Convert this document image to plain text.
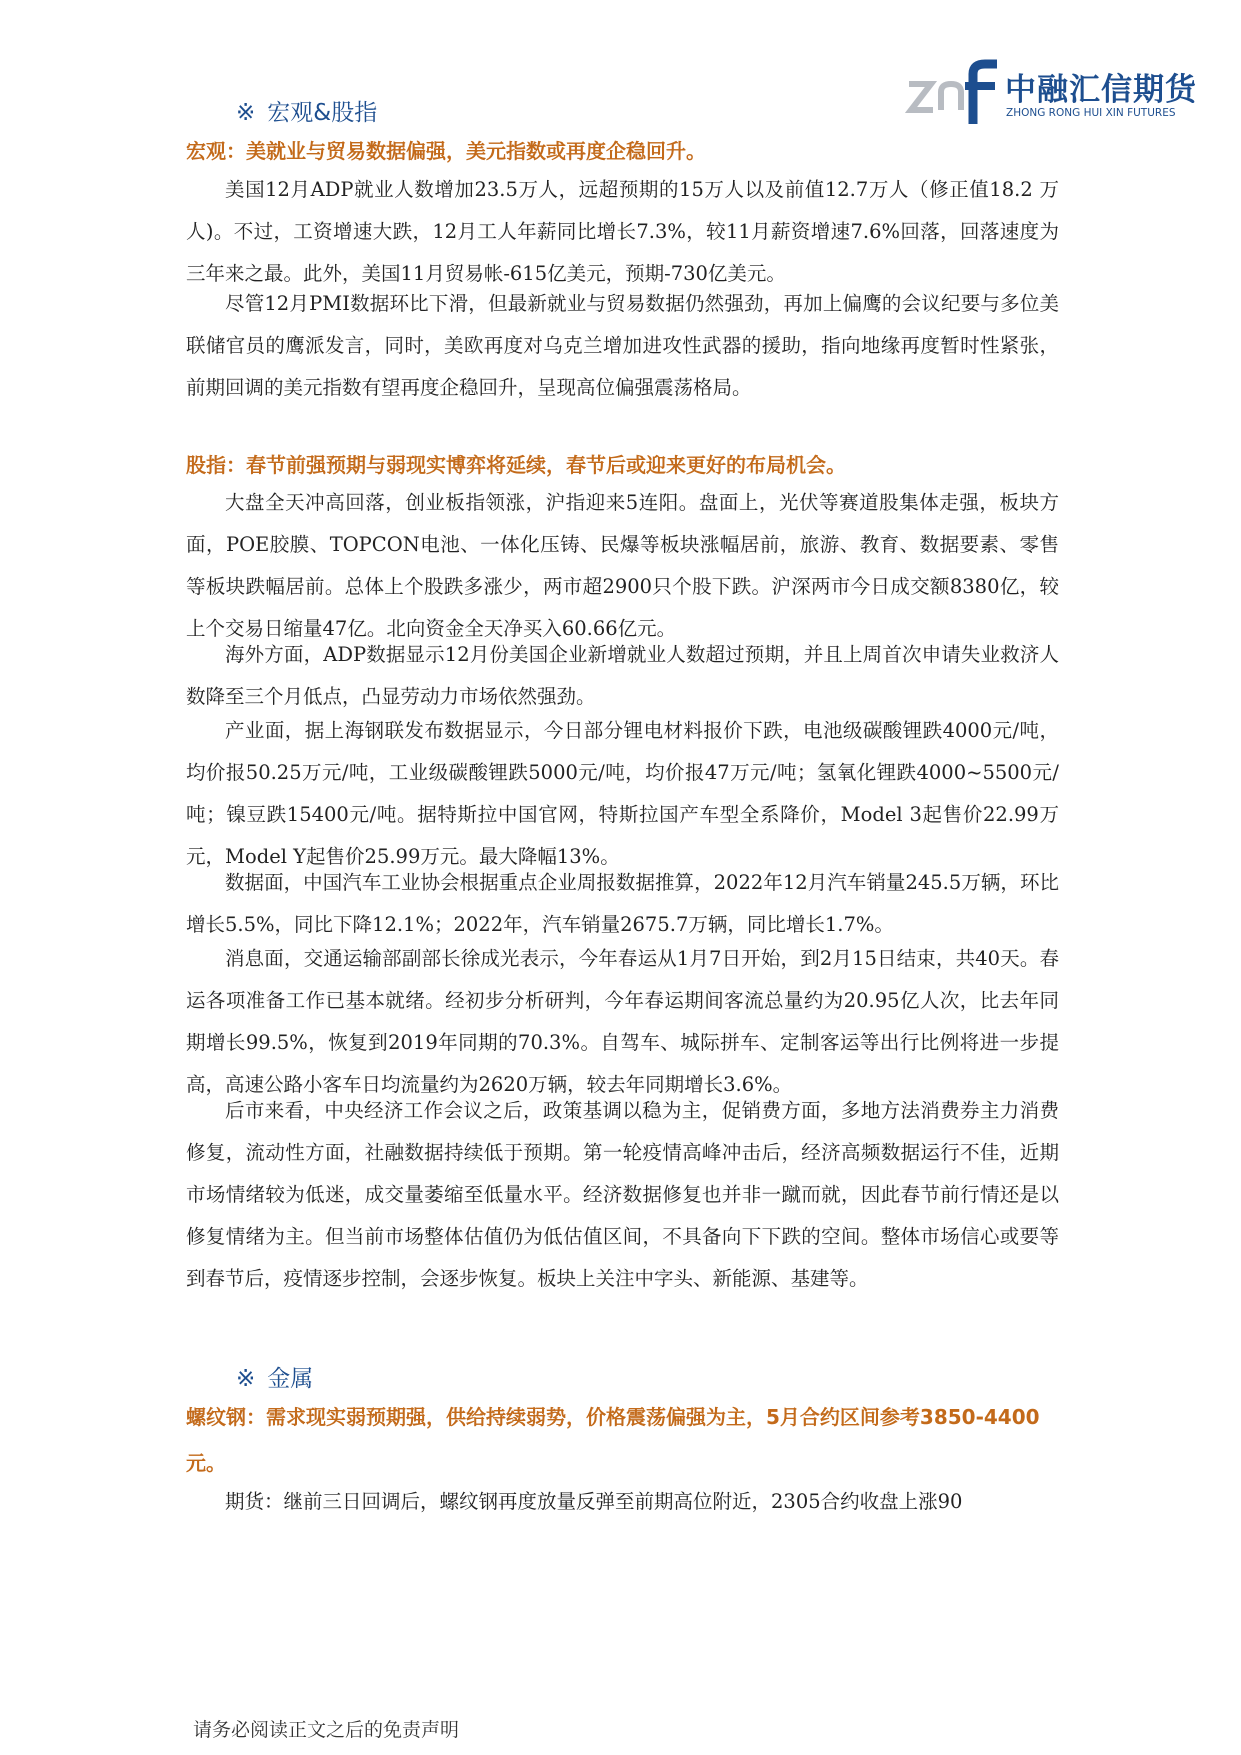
中融汇信期货
ZHONG RONG HUI XIN FUTURES
※ 宏观&股指
宏观：美就业与贸易数据偏强，美元指数或再度企稳回升。
美国12月ADP就业人数增加23.5万人，远超预期的15万人以及前值12.7万人（修正值18.2 万人)。不过，工资增速大跌，12月工人年薪同比增长7.3%，较11月薪资增速7.6%回落，回落速度为三年来之最。此外，美国11月贸易帐-615亿美元，预期-730亿美元。
尽管12月PMI数据环比下滑，但最新就业与贸易数据仍然强劲，再加上偏鹰的会议纪要与多位美联储官员的鹰派发言，同时，美欧再度对乌克兰增加进攻性武器的援助，指向地缘再度暂时性紧张，前期回调的美元指数有望再度企稳回升，呈现高位偏强震荡格局。
股指：春节前强预期与弱现实博弈将延续，春节后或迎来更好的布局机会。
大盘全天冲高回落，创业板指领涨，沪指迎来5连阳。盘面上，光伏等赛道股集体走强，板块方面，POE胶膜、TOPCON电池、一体化压铸、民爆等板块涨幅居前，旅游、教育、数据要素、零售等板块跌幅居前。总体上个股跌多涨少，两市超2900只个股下跌。沪深两市今日成交额8380亿，较上个交易日缩量47亿。北向资金全天净买入60.66亿元。
海外方面，ADP数据显示12月份美国企业新增就业人数超过预期，并且上周首次申请失业救济人数降至三个月低点，凸显劳动力市场依然强劲。
产业面，据上海钢联发布数据显示，今日部分锂电材料报价下跌，电池级碳酸锂跌4000元/吨，均价报50.25万元/吨，工业级碳酸锂跌5000元/吨，均价报47万元/吨；氢氧化锂跌4000~5500元/吨；镍豆跌15400元/吨。据特斯拉中国官网，特斯拉国产车型全系降价，Model 3起售价22.99万元，Model Y起售价25.99万元。最大降幅13%。
数据面，中国汽车工业协会根据重点企业周报数据推算，2022年12月汽车销量245.5万辆，环比增长5.5%，同比下降12.1%；2022年，汽车销量2675.7万辆，同比增长1.7%。
消息面，交通运输部副部长徐成光表示，今年春运从1月7日开始，到2月15日结束，共40天。春运各项准备工作已基本就绪。经初步分析研判，今年春运期间客流总量约为20.95亿人次，比去年同期增长99.5%，恢复到2019年同期的70.3%。自驾车、城际拼车、定制客运等出行比例将进一步提高，高速公路小客车日均流量约为2620万辆，较去年同期增长3.6%。
后市来看，中央经济工作会议之后，政策基调以稳为主，促销费方面，多地方法消费券主力消费修复，流动性方面，社融数据持续低于预期。第一轮疫情高峰冲击后，经济高频数据运行不佳，近期市场情绪较为低迷，成交量萎缩至低量水平。经济数据修复也并非一蹴而就，因此春节前行情还是以修复情绪为主。但当前市场整体估值仍为低估值区间，不具备向下下跌的空间。整体市场信心或要等到春节后，疫情逐步控制，会逐步恢复。板块上关注中字头、新能源、基建等。
※ 金属
螺纹钢：需求现实弱预期强，供给持续弱势，价格震荡偏强为主，5月合约区间参考3850-4400元。
期货：继前三日回调后，螺纹钢再度放量反弹至前期高位附近，2305合约收盘上涨90
请务必阅读正文之后的免责声明
